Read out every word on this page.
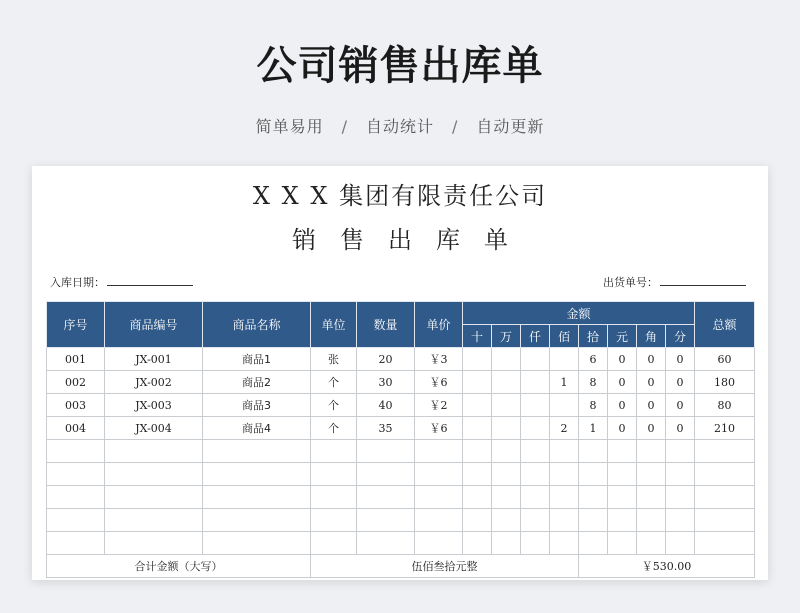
公司销售出库单
简单易用 / 自动统计 / 自动更新
X X X 集团有限责任公司
销售出库单
入库日期：	出货单号：
序号	商品编号	商品名称	单位	数量	单价	金额								总额
						十	万	仟	佰	拾	元	角	分	
001	JX-001	商品1	张	20	￥3					6	0	0	0	60
002	JX-002	商品2	个	30	￥6				1	8	0	0	0	180
003	JX-003	商品3	个	40	￥2					8	0	0	0	80
004	JX-004	商品4	个	35	￥6				2	1	0	0	0	210

合计金额（大写）			伍佰叁拾元整							￥530.00				
